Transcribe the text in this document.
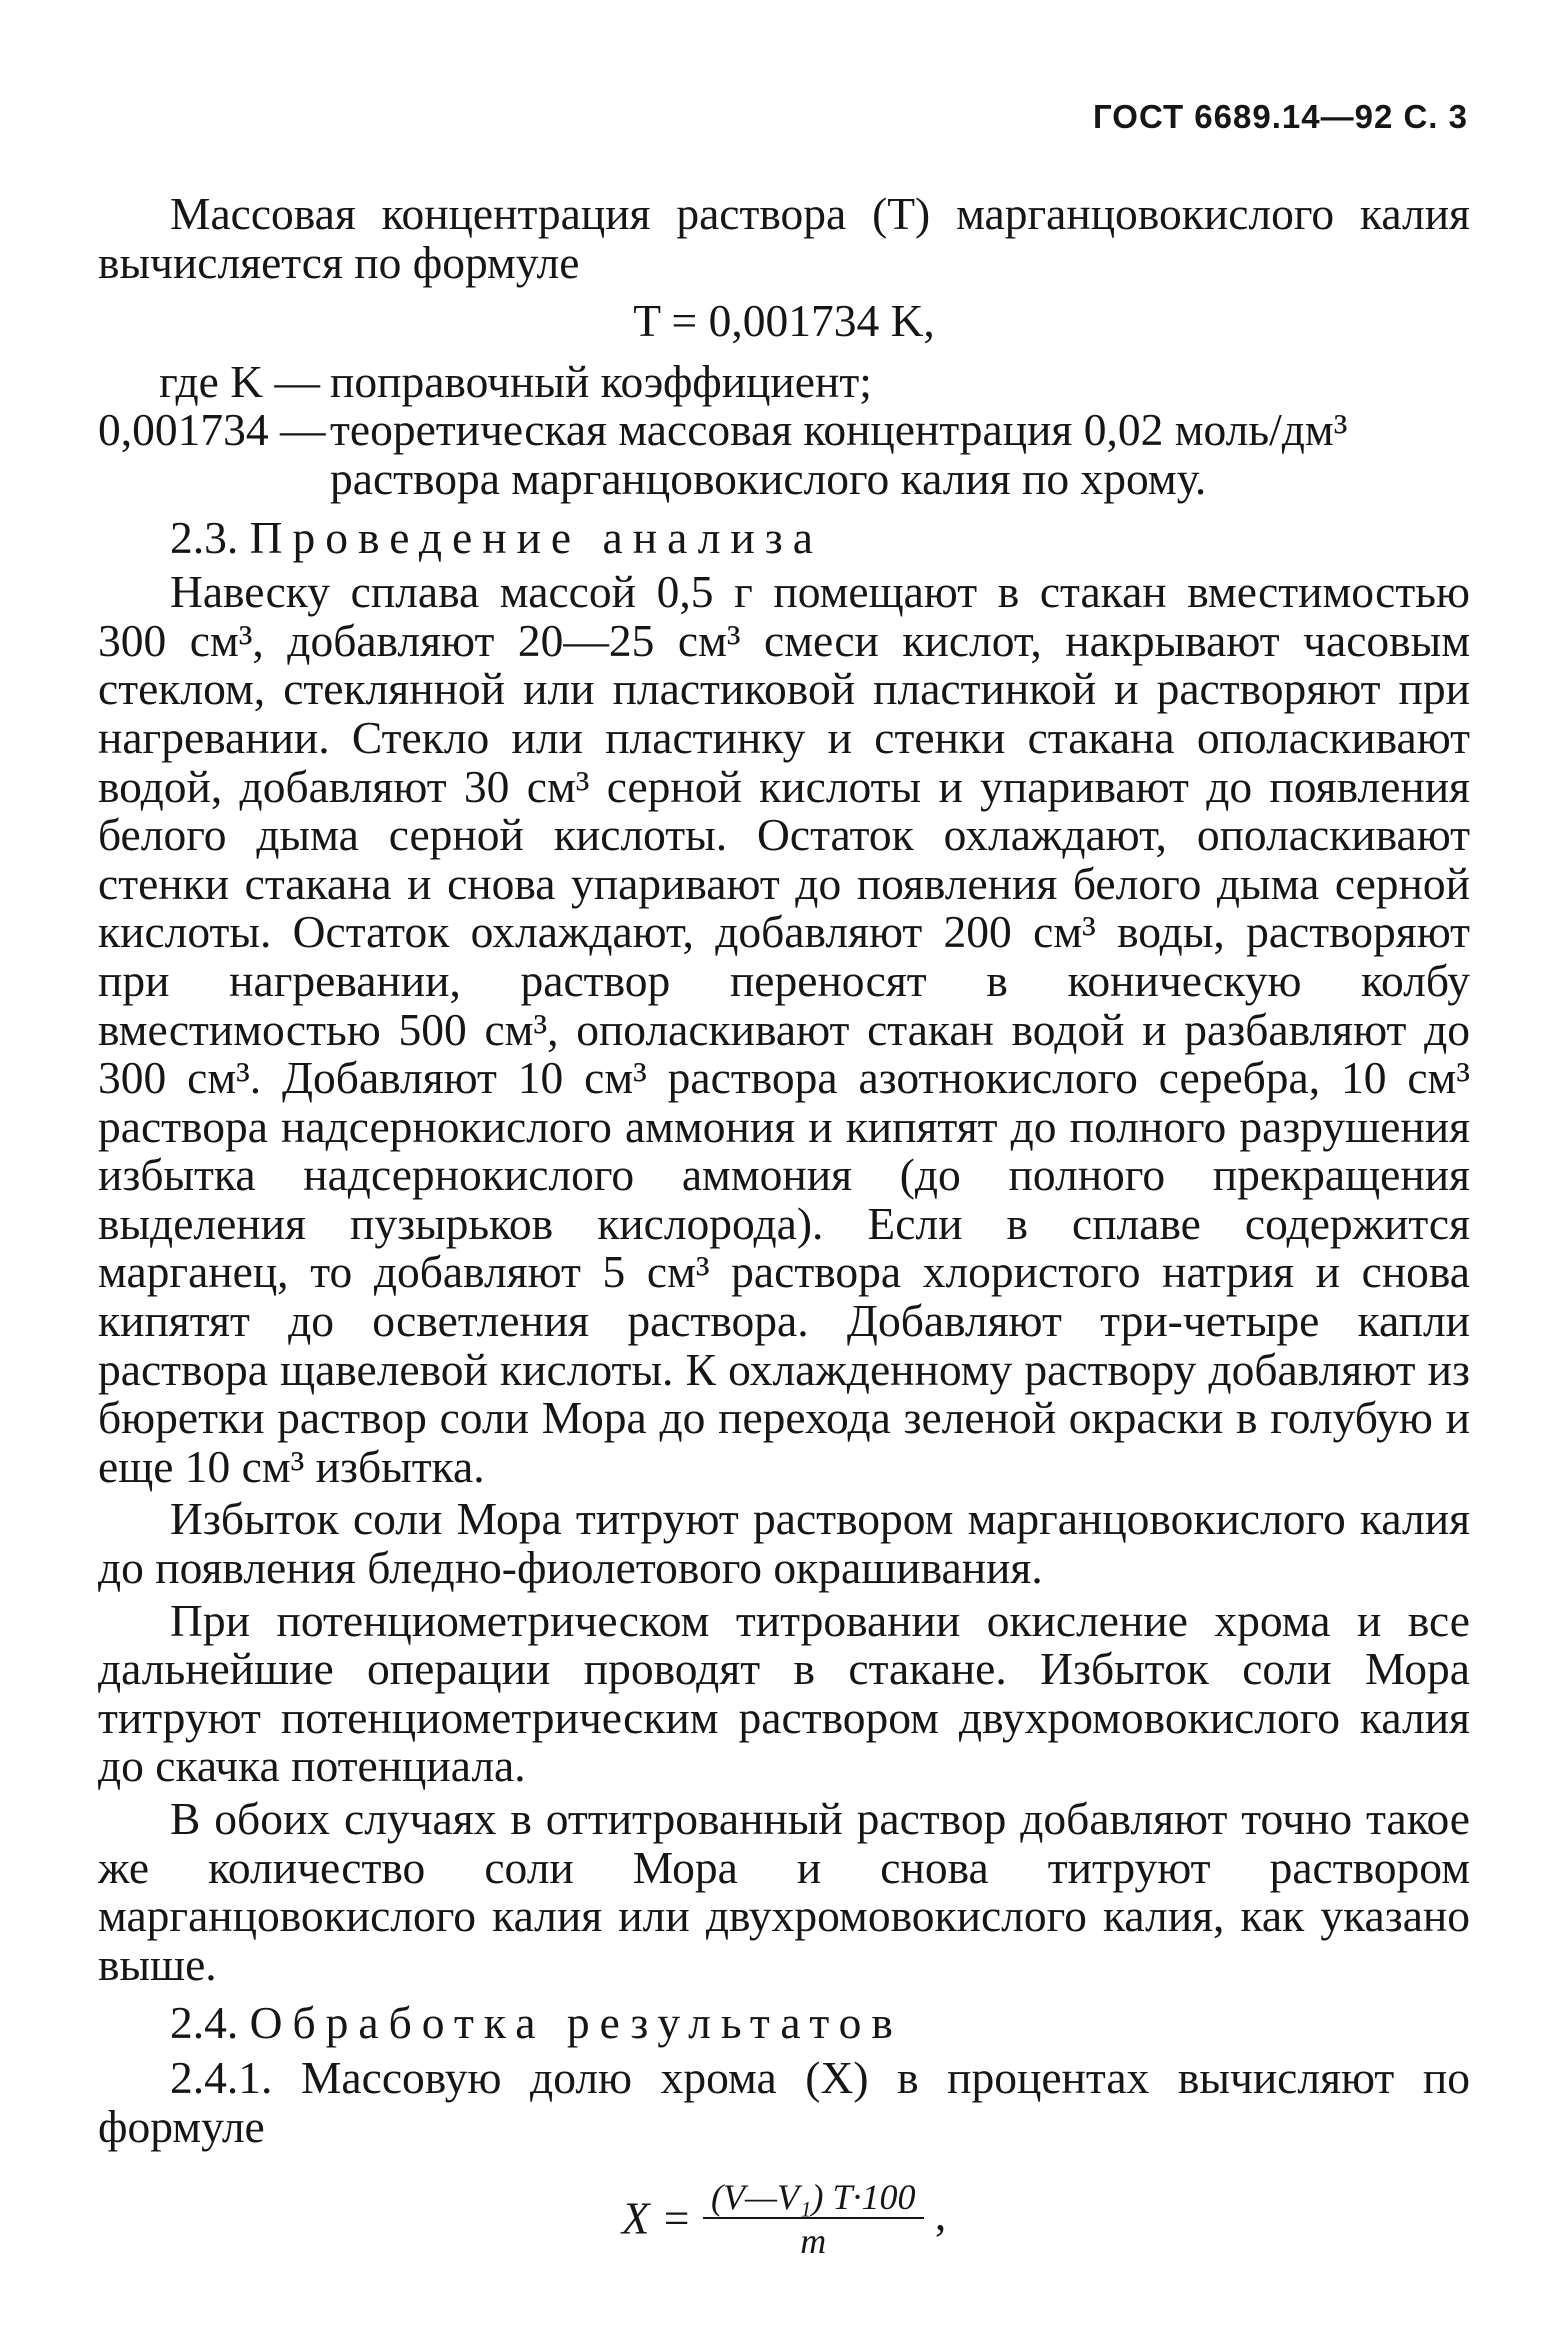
ГОСТ 6689.14—92 С. 3

Массовая концентрация раствора (T) марганцовокислого калия вычисляется по формуле

T = 0,001734 K,

где K — поправочный коэффициент;
0,001734 — теоретическая массовая концентрация 0,02 моль/дм³ раствора марганцовокислого калия по хрому.
2.3. Проведение анализа

Навеску сплава массой 0,5 г помещают в стакан вместимостью 300 см³, добавляют 20—25 см³ смеси кислот, накрывают часовым стеклом, стеклянной или пластиковой пластинкой и растворяют при нагревании. Стекло или пластинку и стенки стакана ополаскивают водой, добавляют 30 см³ серной кислоты и упаривают до появления белого дыма серной кислоты. Остаток охлаждают, ополаскивают стенки стакана и снова упаривают до появления белого дыма серной кислоты. Остаток охлаждают, добавляют 200 см³ воды, растворяют при нагревании, раствор переносят в коническую колбу вместимостью 500 см³, ополаскивают стакан водой и разбавляют до 300 см³. Добавляют 10 см³ раствора азотнокислого серебра, 10 см³ раствора надсернокислого аммония и кипятят до полного разрушения избытка надсернокислого аммония (до полного прекращения выделения пузырьков кислорода). Если в сплаве содержится марганец, то добавляют 5 см³ раствора хлористого натрия и снова кипятят до осветления раствора. Добавляют три-четыре капли раствора щавелевой кислоты. К охлажденному раствору добавляют из бюретки раствор соли Мора до перехода зеленой окраски в голубую и еще 10 см³ избытка.

Избыток соли Мора титруют раствором марганцовокислого калия до появления бледно-фиолетового окрашивания.

При потенциометрическом титровании окисление хрома и все дальнейшие операции проводят в стакане. Избыток соли Мора титруют потенциометрическим раствором двухромовокислого калия до скачка потенциала.

В обоих случаях в оттитрованный раствор добавляют точно такое же количество соли Мора и снова титруют раствором марганцовокислого калия или двухромовокислого калия, как указано выше.

2.4. Обработка результатов

2.4.1. Массовую долю хрома (X) в процентах вычисляют по формуле

$X = \frac{\text{(V—V₁) T·100}}{m}$ ,
